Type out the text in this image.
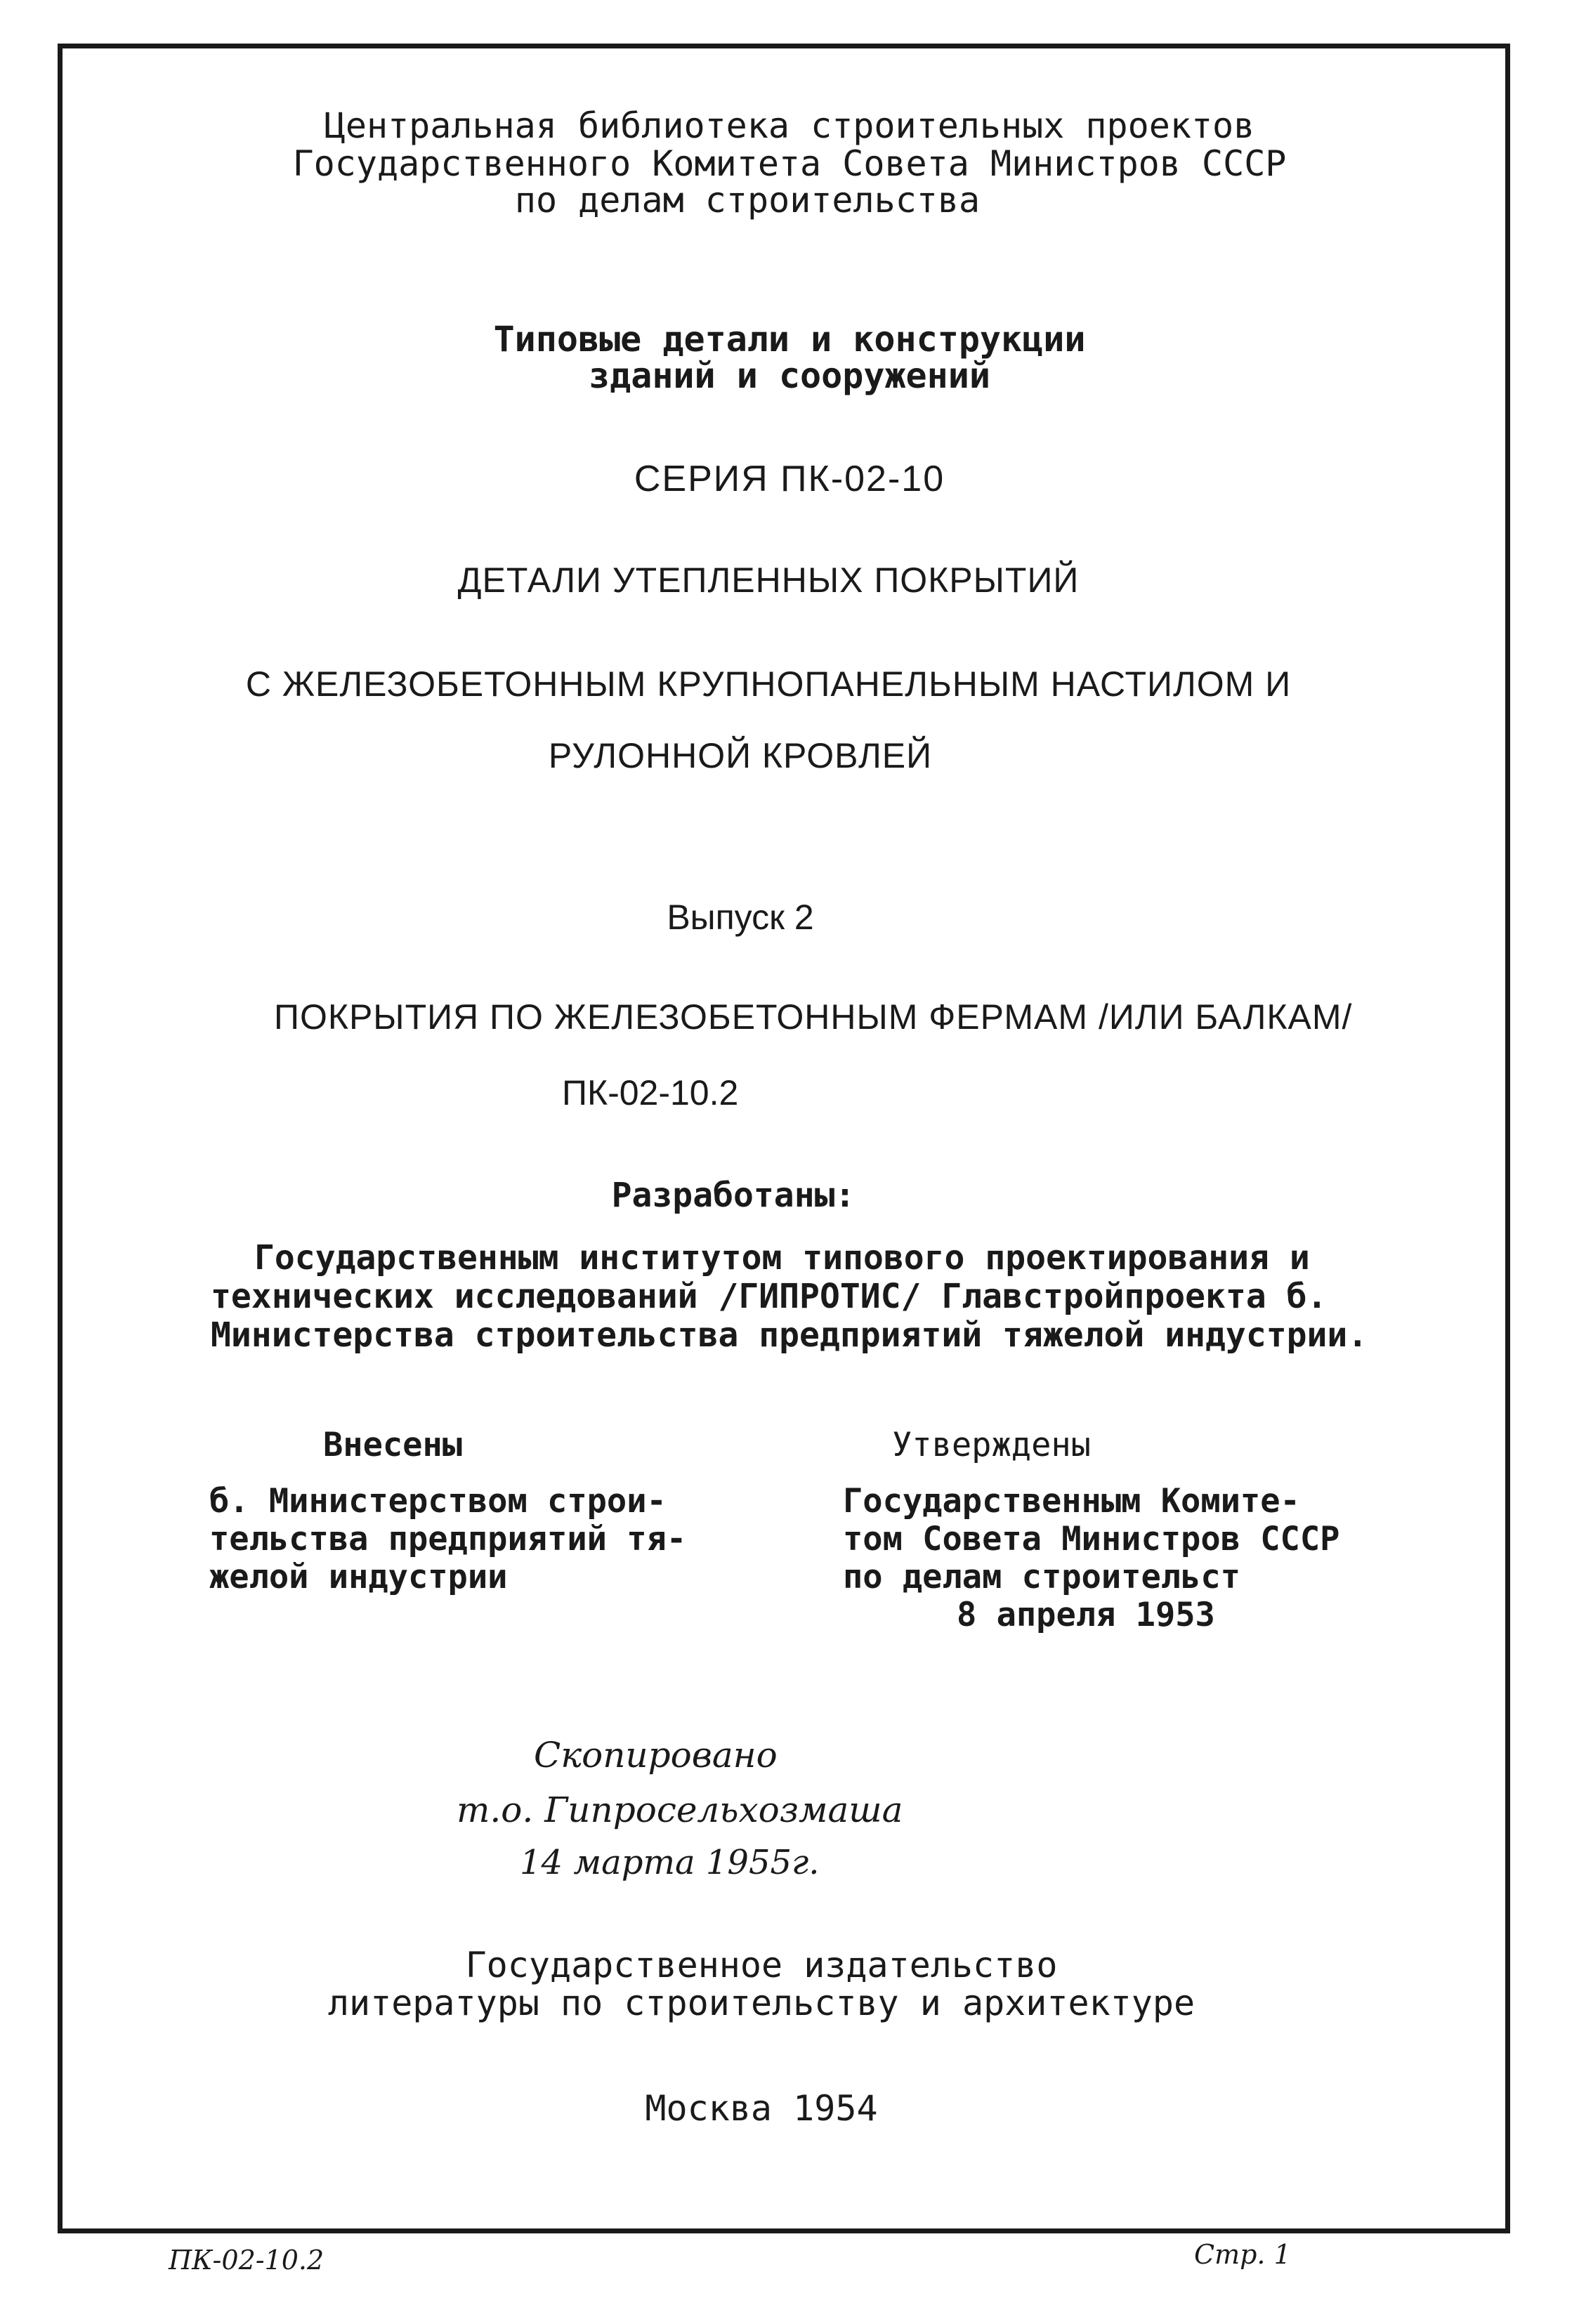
Центральная библиотека строительных проектов
Государственного Комитета Совета Министров СССР
по делам строительства
Типовые детали и конструкции
зданий и сооружений
СЕРИЯ ПК-02-10
ДЕТАЛИ УТЕПЛЕННЫХ ПОКРЫТИЙ
С ЖЕЛЕЗОБЕТОННЫМ КРУПНОПАНЕЛЬНЫМ НАСТИЛОМ И
РУЛОННОЙ КРОВЛЕЙ
Выпуск 2
ПОКРЫТИЯ ПО ЖЕЛЕЗОБЕТОННЫМ ФЕРМАМ /ИЛИ БАЛКАМ/
ПК-02-10.2
Разработаны:
Государственным институтом типового проектирования и технических исследований /ГИПРОТИС/ Главстройпроекта б. Министерства строительства предприятий тяжелой индустрии.
Внесены
б. Министерством строи-
тельства предприятий тя-
желой индустрии
Утверждены
Государственным Комите-
том Совета Министров СССР
по делам строительст
8 апреля 1953
Скопировано
т.о. Гипросельхозмаша
14 марта 1955г.
Государственное издательство
литературы по строительству и архитектуре
Москва 1954
ПК-02-10.2	Стр. 1
